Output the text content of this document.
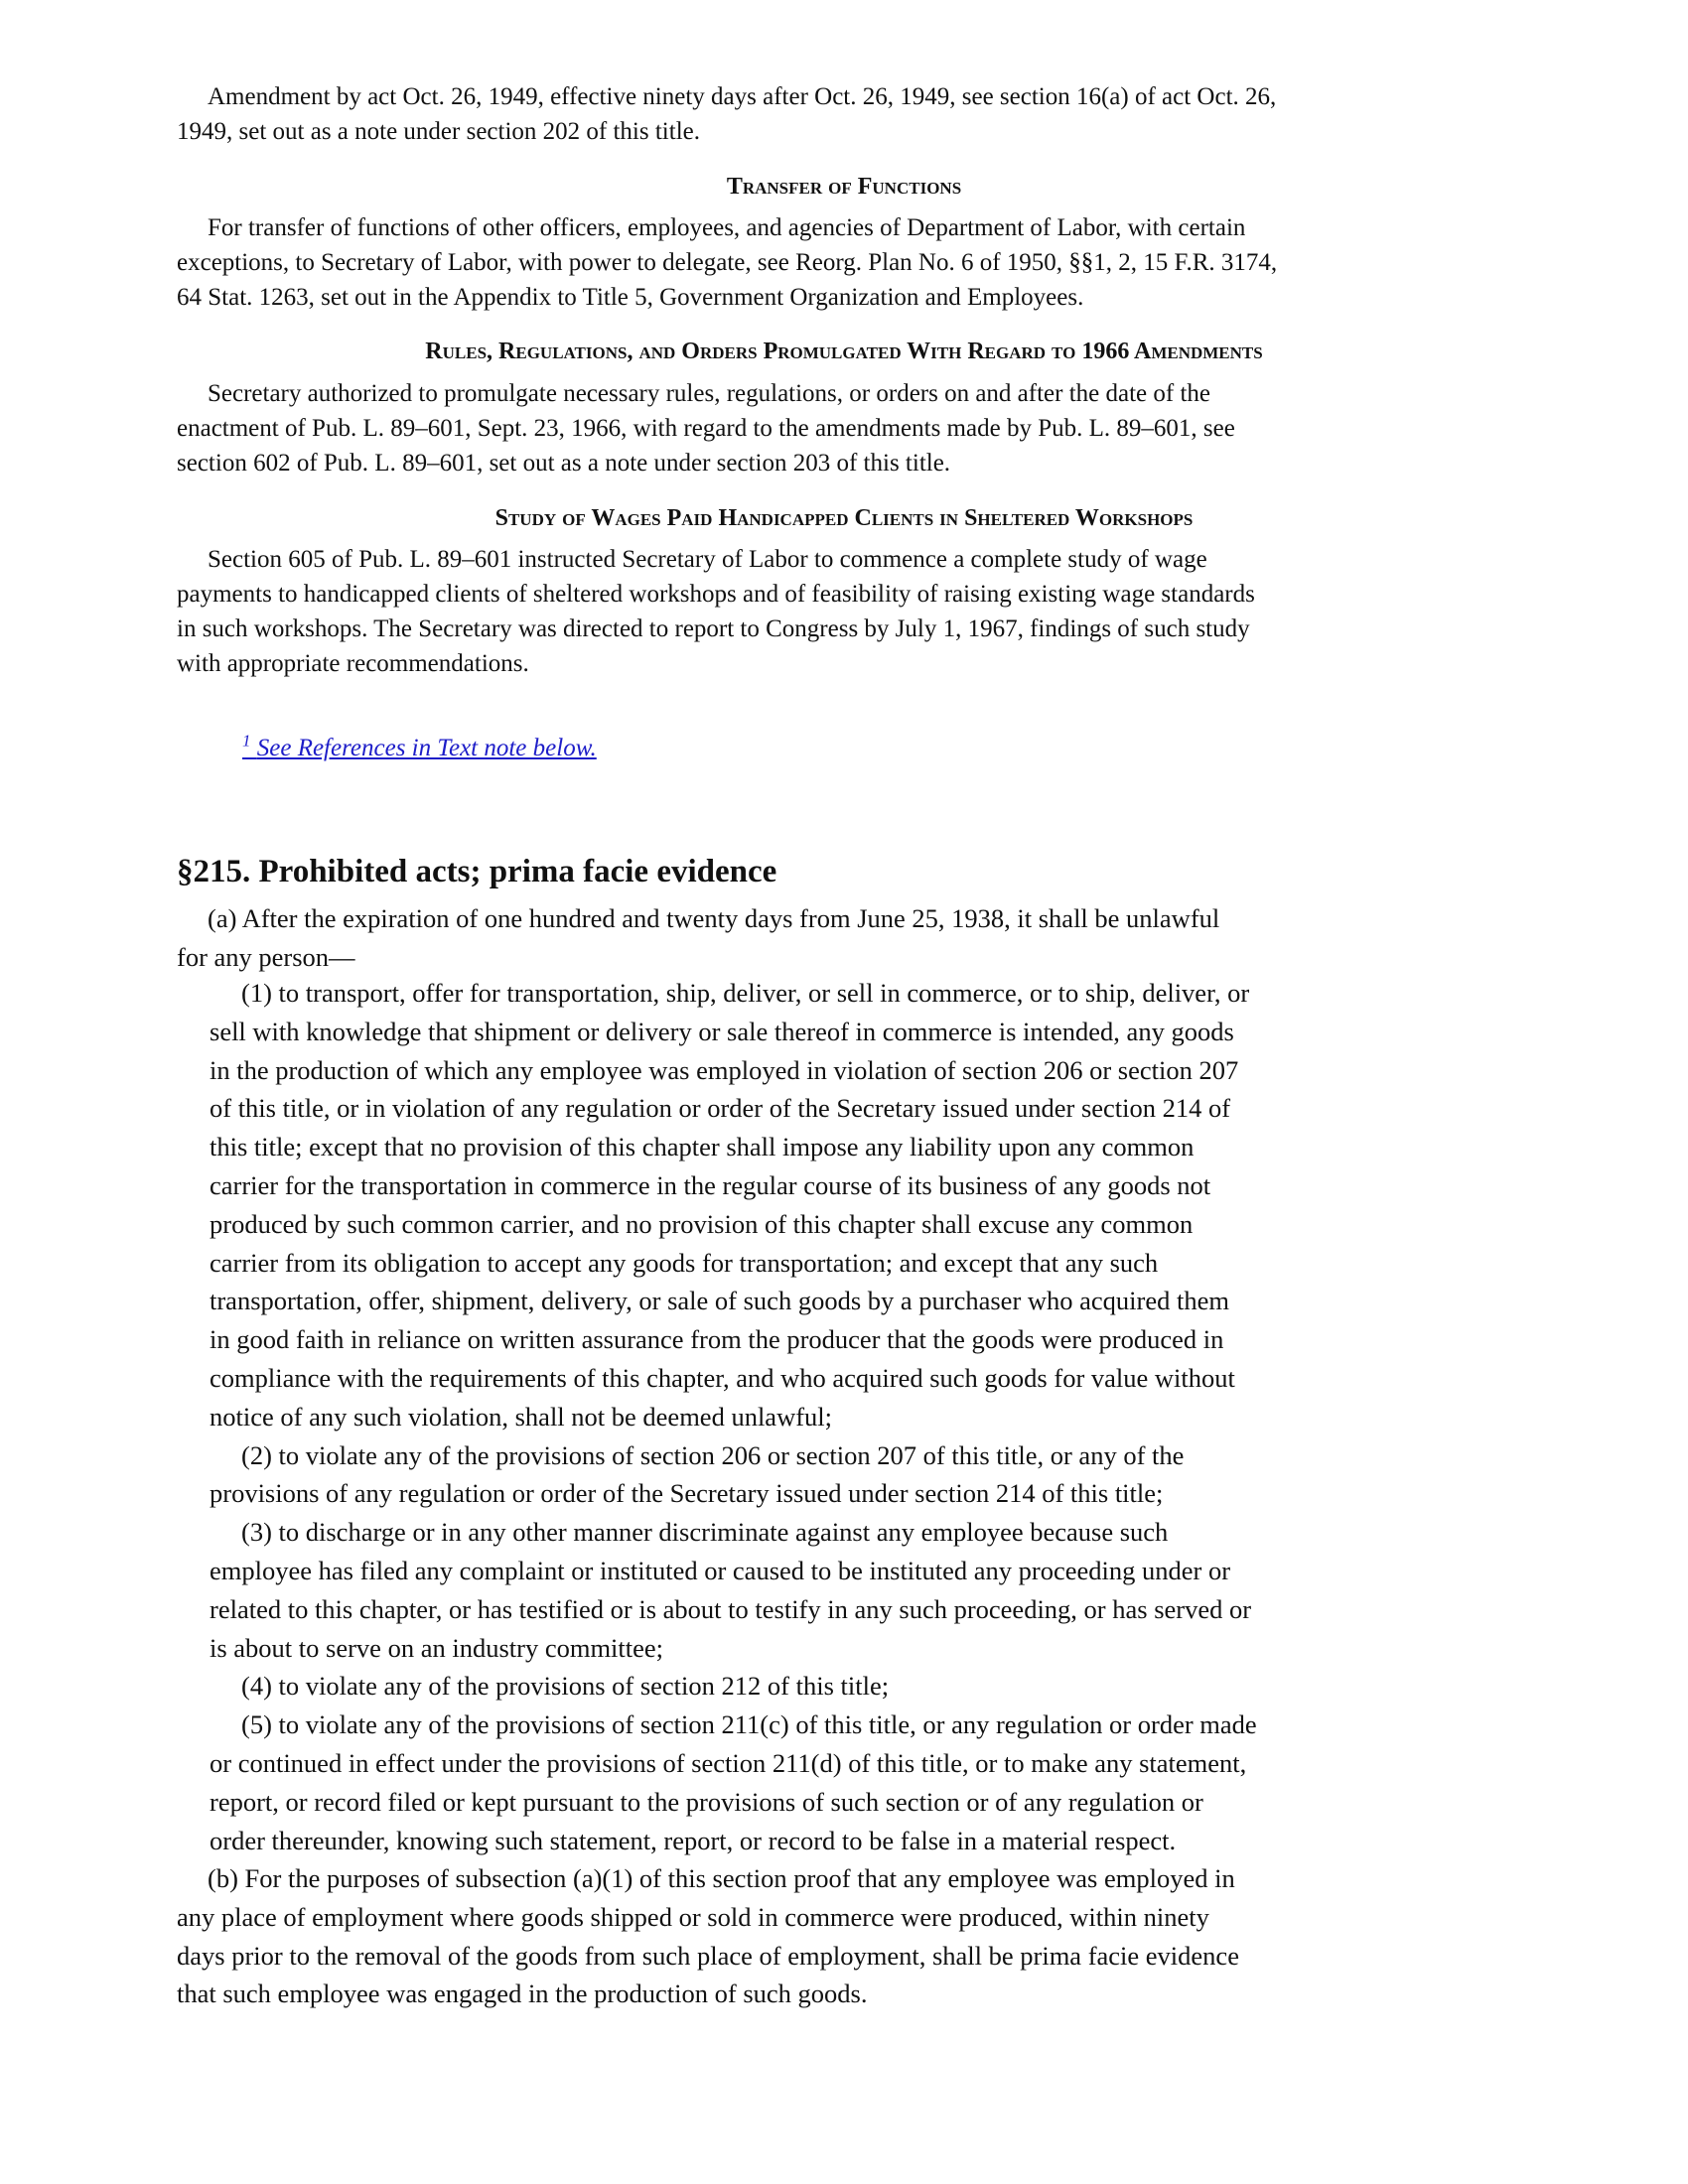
Amendment by act Oct. 26, 1949, effective ninety days after Oct. 26, 1949, see section 16(a) of act Oct. 26,
1949, set out as a note under section 202 of this title.
Transfer of Functions
For transfer of functions of other officers, employees, and agencies of Department of Labor, with certain
exceptions, to Secretary of Labor, with power to delegate, see Reorg. Plan No. 6 of 1950, §§1, 2, 15 F.R. 3174,
64 Stat. 1263, set out in the Appendix to Title 5, Government Organization and Employees.
Rules, Regulations, and Orders Promulgated With Regard to 1966 Amendments
Secretary authorized to promulgate necessary rules, regulations, or orders on and after the date of the
enactment of Pub. L. 89–601, Sept. 23, 1966, with regard to the amendments made by Pub. L. 89–601, see
section 602 of Pub. L. 89–601, set out as a note under section 203 of this title.
Study of Wages Paid Handicapped Clients in Sheltered Workshops
Section 605 of Pub. L. 89–601 instructed Secretary of Labor to commence a complete study of wage
payments to handicapped clients of sheltered workshops and of feasibility of raising existing wage standards
in such workshops. The Secretary was directed to report to Congress by July 1, 1967, findings of such study
with appropriate recommendations.
$^1$ See References in Text note below.
§215. Prohibited acts; prima facie evidence
(a) After the expiration of one hundred and twenty days from June 25, 1938, it shall be unlawful
for any person—
(1) to transport, offer for transportation, ship, deliver, or sell in commerce, or to ship, deliver, or
sell with knowledge that shipment or delivery or sale thereof in commerce is intended, any goods
in the production of which any employee was employed in violation of section 206 or section 207
of this title, or in violation of any regulation or order of the Secretary issued under section 214 of
this title; except that no provision of this chapter shall impose any liability upon any common
carrier for the transportation in commerce in the regular course of its business of any goods not
produced by such common carrier, and no provision of this chapter shall excuse any common
carrier from its obligation to accept any goods for transportation; and except that any such
transportation, offer, shipment, delivery, or sale of such goods by a purchaser who acquired them
in good faith in reliance on written assurance from the producer that the goods were produced in
compliance with the requirements of this chapter, and who acquired such goods for value without
notice of any such violation, shall not be deemed unlawful;
(2) to violate any of the provisions of section 206 or section 207 of this title, or any of the
provisions of any regulation or order of the Secretary issued under section 214 of this title;
(3) to discharge or in any other manner discriminate against any employee because such
employee has filed any complaint or instituted or caused to be instituted any proceeding under or
related to this chapter, or has testified or is about to testify in any such proceeding, or has served or
is about to serve on an industry committee;
(4) to violate any of the provisions of section 212 of this title;
(5) to violate any of the provisions of section 211(c) of this title, or any regulation or order made
or continued in effect under the provisions of section 211(d) of this title, or to make any statement,
report, or record filed or kept pursuant to the provisions of such section or of any regulation or
order thereunder, knowing such statement, report, or record to be false in a material respect.
(b) For the purposes of subsection (a)(1) of this section proof that any employee was employed in
any place of employment where goods shipped or sold in commerce were produced, within ninety
days prior to the removal of the goods from such place of employment, shall be prima facie evidence
that such employee was engaged in the production of such goods.
